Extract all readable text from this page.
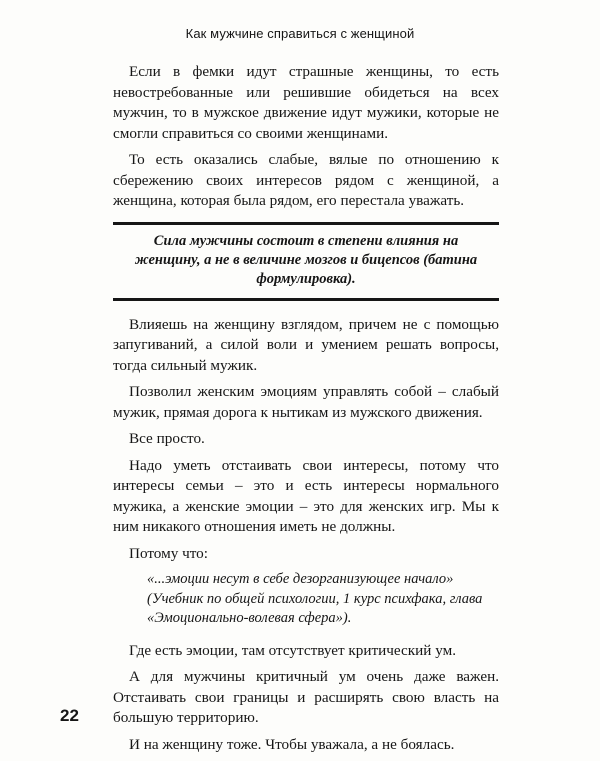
Как мужчине справиться с женщиной

Если в фемки идут страшные женщины, то есть невостребованные или решившие обидеться на всех мужчин, то в мужское движение идут мужики, которые не смогли справиться со своими женщинами.

То есть оказались слабые, вялые по отношению к сбережению своих интересов рядом с женщиной, а женщина, которая была рядом, его перестала уважать.

Сила мужчины состоит в степени влияния на женщину, а не в величине мозгов и бицепсов (батина формулировка).

Влияешь на женщину взглядом, причем не с помощью запугиваний, а силой воли и умением решать вопросы, тогда сильный мужик.

Позволил женским эмоциям управлять собой – слабый мужик, прямая дорога к нытикам из мужского движения.

Все просто.

Надо уметь отстаивать свои интересы, потому что интересы семьи – это и есть интересы нормального мужика, а женские эмоции – это для женских игр. Мы к ним никакого отношения иметь не должны.

Потому что:

«...эмоции несут в себе дезорганизующее начало» (Учебник по общей психологии, 1 курс психфака, глава «Эмоционально-волевая сфера»).

Где есть эмоции, там отсутствует критический ум.

А для мужчины критичный ум очень даже важен. Отстаивать свои границы и расширять свою власть на большую территорию.

И на женщину тоже. Чтобы уважала, а не боялась.

22
